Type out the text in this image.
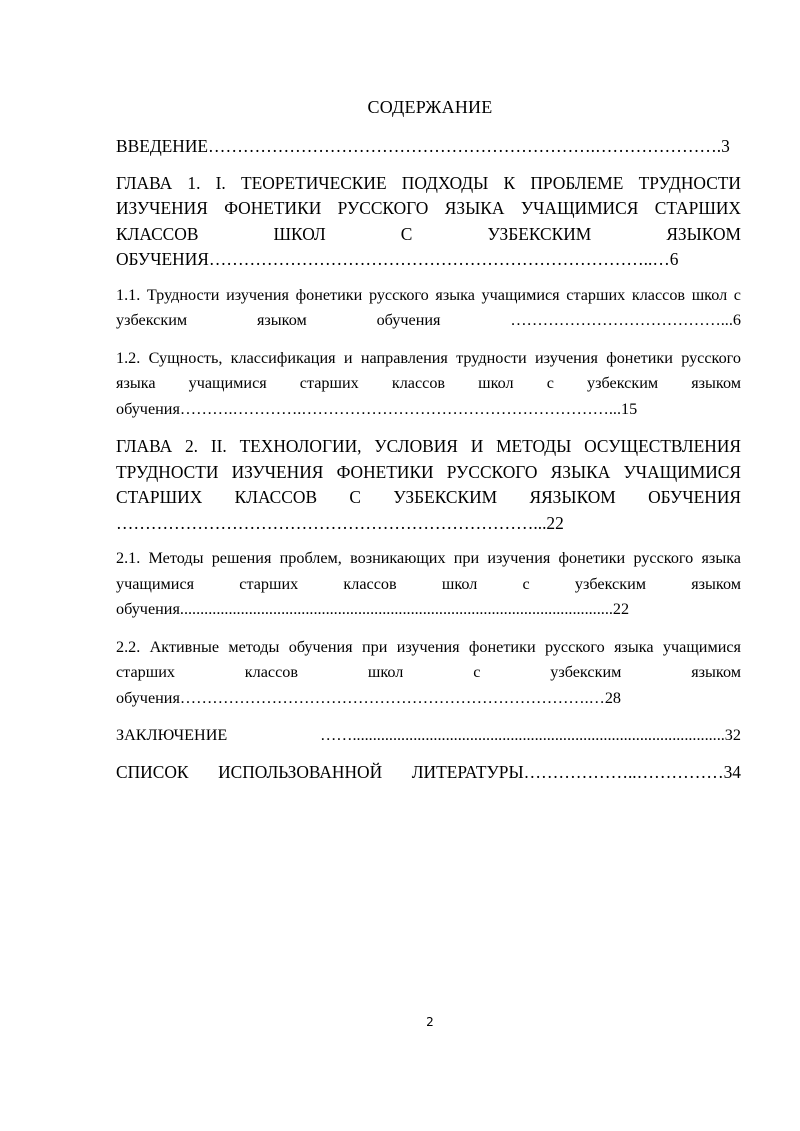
СОДЕРЖАНИЕ
ВВЕДЕНИЕ………………………………………………………….………………….3
ГЛАВА 1. I. ТЕОРЕТИЧЕСКИЕ ПОДХОДЫ К ПРОБЛЕМЕ ТРУДНОСТИ ИЗУЧЕНИЯ ФОНЕТИКИ РУССКОГО ЯЗЫКА УЧАЩИМИСЯ СТАРШИХ КЛАССОВ ШКОЛ С УЗБЕКСКИМ ЯЗЫКОМ ОБУЧЕНИЯ…………………………………………………………………..…6
1.1. Трудности изучения фонетики русского языка учащимися старших классов школ с узбекским языком обучения …………………………………...6
1.2. Сущность, классификация и направления трудности изучения фонетики русского языка учащимися старших классов школ с узбекским языком обучения……….………….…………………………………………………...15
ГЛАВА 2. II. ТЕХНОЛОГИИ, УСЛОВИЯ И МЕТОДЫ ОСУЩЕСТВЛЕНИЯ ТРУДНОСТИ ИЗУЧЕНИЯ ФОНЕТИКИ РУССКОГО ЯЗЫКА УЧАЩИМИСЯ СТАРШИХ КЛАССОВ С УЗБЕКСКИМ ЯЯЗЫКОМ ОБУЧЕНИЯ ………………………………………………………………...22
2.1. Методы решения проблем, возникающих при изучения фонетики русского языка учащимися старших классов школ с узбекским языком обучения...........................................................................................................22
2.2. Активные методы обучения при изучения фонетики русского языка учащимися старших классов школ с узбекским языком обучения………………………………………………………………….…28
ЗАКЛЮЧЕНИЕ ……............................................................................................32
СПИСОК ИСПОЛЬЗОВАННОЙ ЛИТЕРАТУРЫ………………..……………34
2
